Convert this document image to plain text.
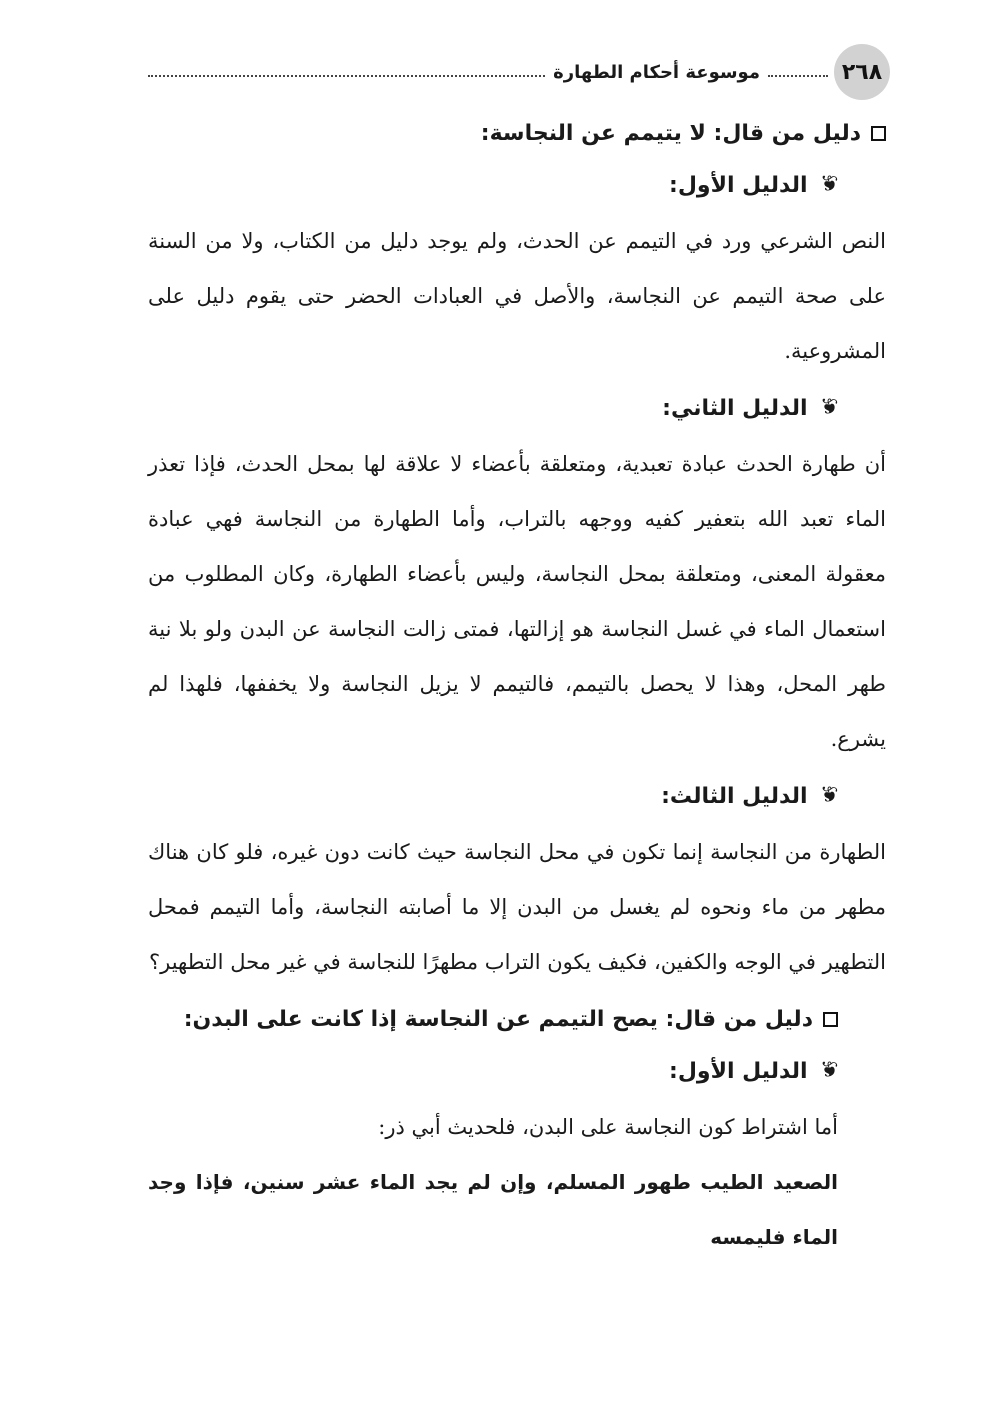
٢٦٨
موسوعة أحكام الطهارة
دليل من قال: لا يتيمم عن النجاسة:
❦
الدليل الأول:

النص الشرعي ورد في التيمم عن الحدث، ولم يوجد دليل من الكتاب، ولا من السنة على صحة التيمم عن النجاسة، والأصل في العبادات الحضر حتى يقوم دليل على المشروعية.

❦
الدليل الثاني:

أن طهارة الحدث عبادة تعبدية، ومتعلقة بأعضاء لا علاقة لها بمحل الحدث، فإذا تعذر الماء تعبد الله بتعفير كفيه ووجهه بالتراب، وأما الطهارة من النجاسة فهي عبادة معقولة المعنى، ومتعلقة بمحل النجاسة، وليس بأعضاء الطهارة، وكان المطلوب من استعمال الماء في غسل النجاسة هو إزالتها، فمتى زالت النجاسة عن البدن ولو بلا نية طهر المحل، وهذا لا يحصل بالتيمم، فالتيمم لا يزيل النجاسة ولا يخففها، فلهذا لم يشرع.

❦
الدليل الثالث:

الطهارة من النجاسة إنما تكون في محل النجاسة حيث كانت دون غيره، فلو كان هناك مطهر من ماء ونحوه لم يغسل من البدن إلا ما أصابته النجاسة، وأما التيمم فمحل التطهير في الوجه والكفين، فكيف يكون التراب مطهرًا للنجاسة في غير محل التطهير؟

دليل من قال: يصح التيمم عن النجاسة إذا كانت على البدن:
❦
الدليل الأول:

أما اشتراط كون النجاسة على البدن، فلحديث أبي ذر:

الصعيد الطيب طهور المسلم، وإن لم يجد الماء عشر سنين، فإذا وجد الماء فليمسه
